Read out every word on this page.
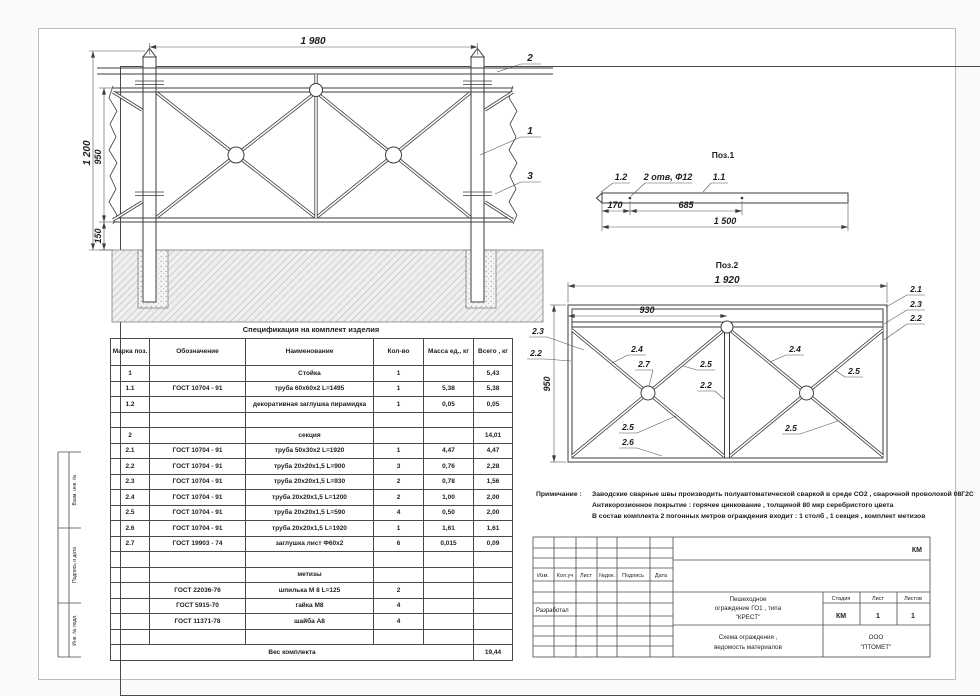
1 980
1 200 950
150
2
1
3
Поз.1
1.2 2 отв, Ф12 1.1
170	685
1 500
Поз.2
1 920
930
950
2.3
2.2
2.1
2.3
2.2
2.4
2.7	2.5
2.2
2.5
2.6
2.4
2.5
2.5
Изм. Кол.уч Лист №док. Подпись Дата
Разработал
КМ
Пешеходное
ограждение ГО1 , типа
"КРЕСТ"
Стадия	Лист	Листов
КМ	1	1
Схема ограждения ,
ведомость материалов
ООО
"ПТОМЕТ"
Взам. инв. №
Подпись и дата
Инв. № подл.
Спецификация на комплект изделия
Марка поз.	Обозначение	Наименование	Кол-во	Масса ед., кг	Всего , кг
1		Стойка	1		5,43
1.1	ГОСТ 10704 - 91	труба 60х60х2 L=1495	1	5,38	5,38
1.2		декоративная заглушка пирамидка	1	0,05	0,05

2		секция			14,01
2.1	ГОСТ 10704 - 91	труба 50х30х2 L=1920	1	4,47	4,47
2.2	ГОСТ 10704 - 91	труба 20х20х1,5 L=900	3	0,76	2,28
2.3	ГОСТ 10704 - 91	труба 20х20х1,5 L=930	2	0,78	1,56
2.4	ГОСТ 10704 - 91	труба 20х20х1,5 L=1200	2	1,00	2,00
2.5	ГОСТ 10704 - 91	труба 20х20х1,5 L=590	4	0,50	2,00
2.6	ГОСТ 10704 - 91	труба 20х20х1,5 L=1920	1	1,61	1,61
2.7	ГОСТ 19903 - 74	заглушка лист Ф60х2	6	0,015	0,09

		метизы			
	ГОСТ 22036-76	шпилька М 8 L=125	2		
	ГОСТ 5915-70	гайка М8	4		
	ГОСТ 11371-78	шайба А8	4		

Вес комплекта					19,44
Примечание :	Заводские сварные швы производить полуавтоматической сваркой в среде СО2 , сварочной проволокой 08Г2С
Антикорозионное покрытие : горячее цинкование , толщиной 80 мкр серебристого цвета
В состав комплекта 2 погонных метров ограждения входит : 1 столб , 1 секция , комплект метизов
